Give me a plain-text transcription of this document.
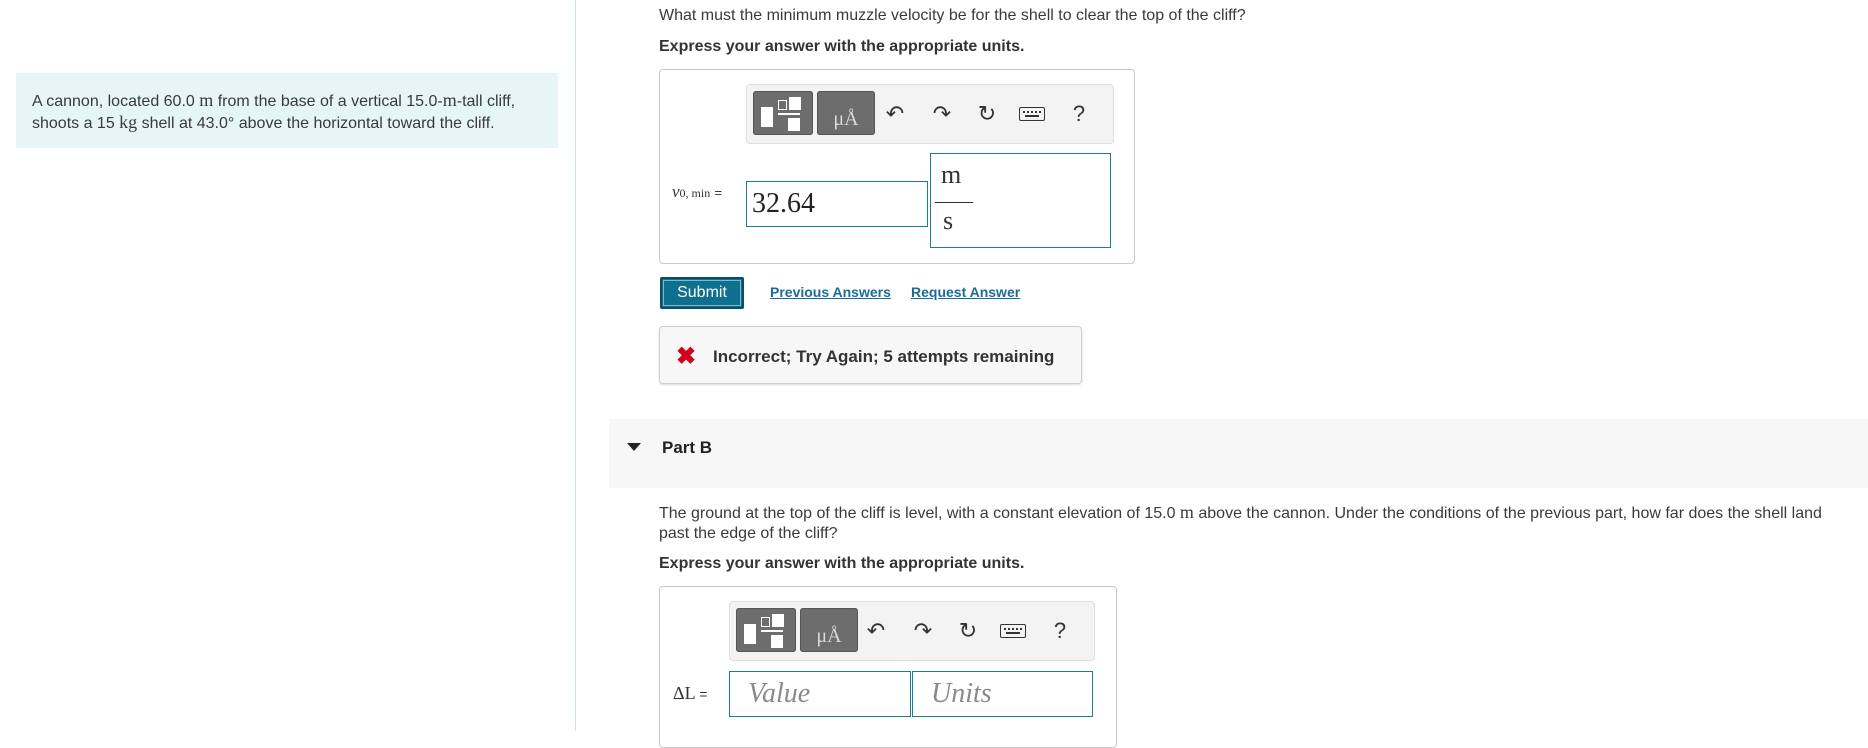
A cannon, located 60.0 m from the base of a vertical 15.0-m-tall cliff,
shoots a 15 kg shell at 43.0° above the horizontal toward the cliff.
What must the minimum muzzle velocity be for the shell to clear the top of the cliff?
Express your answer with the appropriate units.
μÅ	↶ ↷ ↻	?
v0, min = 32.64
m
s
Submit	Previous Answers Request Answer
✖ Incorrect; Try Again; 5 attempts remaining
Part B
The ground at the top of the cliff is level, with a constant elevation of 15.0 m above the cannon. Under the conditions of the previous part, how far does the shell land
past the edge of the cliff?
Express your answer with the appropriate units.
μÅ	↶ ↷ ↻	?
ΔL =	Value	Units
